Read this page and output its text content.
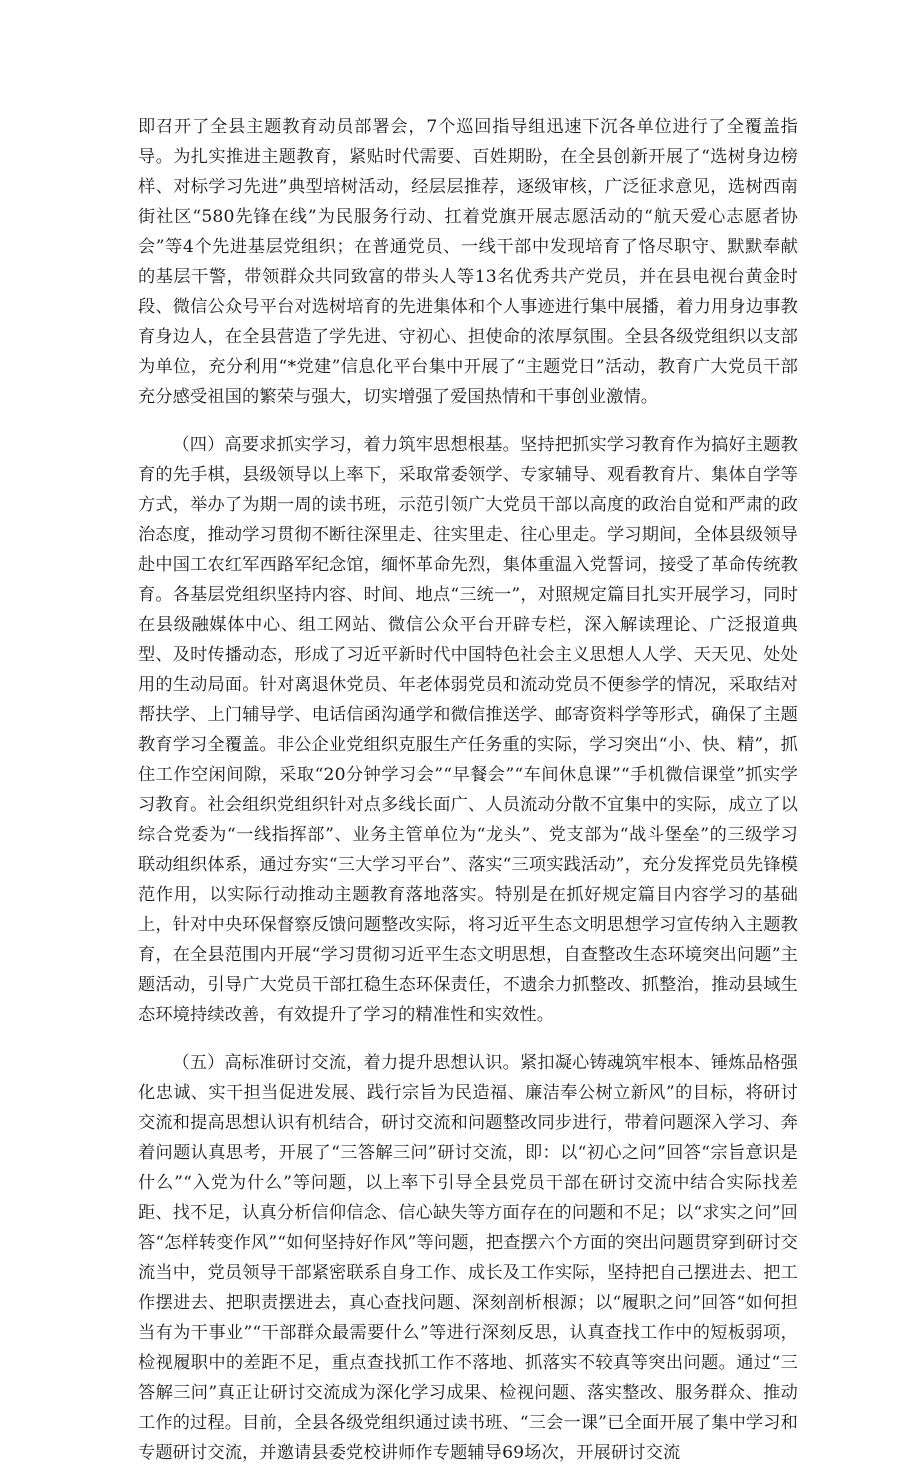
即召开了全县主题教育动员部署会，7个巡回指导组迅速下沉各单位进行了全覆盖指导。为扎实推进主题教育，紧贴时代需要、百姓期盼，在全县创新开展了“选树身边榜样、对标学习先进”典型培树活动，经层层推荐，逐级审核，广泛征求意见，选树西南街社区“580先锋在线”为民服务行动、扛着党旗开展志愿活动的“航天爱心志愿者协会”等4个先进基层党组织；在普通党员、一线干部中发现培育了恪尽职守、默默奉献的基层干警，带领群众共同致富的带头人等13名优秀共产党员，并在县电视台黄金时段、微信公众号平台对选树培育的先进集体和个人事迹进行集中展播，着力用身边事教育身边人，在全县营造了学先进、守初心、担使命的浓厚氛围。全县各级党组织以支部为单位，充分利用“*党建”信息化平台集中开展了“主题党日”活动，教育广大党员干部充分感受祖国的繁荣与强大，切实增强了爱国热情和干事创业激情。

（四）高要求抓实学习，着力筑牢思想根基。坚持把抓实学习教育作为搞好主题教育的先手棋，县级领导以上率下，采取常委领学、专家辅导、观看教育片、集体自学等方式，举办了为期一周的读书班，示范引领广大党员干部以高度的政治自觉和严肃的政治态度，推动学习贯彻不断往深里走、往实里走、往心里走。学习期间，全体县级领导赴中国工农红军西路军纪念馆，缅怀革命先烈，集体重温入党誓词，接受了革命传统教育。各基层党组织坚持内容、时间、地点“三统一”，对照规定篇目扎实开展学习，同时在县级融媒体中心、组工网站、微信公众平台开辟专栏，深入解读理论、广泛报道典型、及时传播动态，形成了习近平新时代中国特色社会主义思想人人学、天天见、处处用的生动局面。针对离退休党员、年老体弱党员和流动党员不便参学的情况，采取结对帮扶学、上门辅导学、电话信函沟通学和微信推送学、邮寄资料学等形式，确保了主题教育学习全覆盖。非公企业党组织克服生产任务重的实际，学习突出“小、快、精”，抓住工作空闲间隙，采取“20分钟学习会”“早餐会”“车间休息课”“手机微信课堂”抓实学习教育。社会组织党组织针对点多线长面广、人员流动分散不宜集中的实际，成立了以综合党委为“一线指挥部”、业务主管单位为“龙头”、党支部为“战斗堡垒”的三级学习联动组织体系，通过夯实“三大学习平台”、落实“三项实践活动”，充分发挥党员先锋模范作用，以实际行动推动主题教育落地落实。特别是在抓好规定篇目内容学习的基础上，针对中央环保督察反馈问题整改实际，将习近平生态文明思想学习宣传纳入主题教育，在全县范围内开展“学习贯彻习近平生态文明思想，自查整改生态环境突出问题”主题活动，引导广大党员干部扛稳生态环保责任，不遗余力抓整改、抓整治，推动县域生态环境持续改善，有效提升了学习的精准性和实效性。

（五）高标准研讨交流，着力提升思想认识。紧扣凝心铸魂筑牢根本、锤炼品格强化忠诚、实干担当促进发展、践行宗旨为民造福、廉洁奉公树立新风”的目标，将研讨交流和提高思想认识有机结合，研讨交流和问题整改同步进行，带着问题深入学习、奔着问题认真思考，开展了“三答解三问”研讨交流，即：以“初心之问”回答“宗旨意识是什么”“入党为什么”等问题，以上率下引导全县党员干部在研讨交流中结合实际找差距、找不足，认真分析信仰信念、信心缺失等方面存在的问题和不足；以“求实之问”回答“怎样转变作风”“如何坚持好作风”等问题，把查摆六个方面的突出问题贯穿到研讨交流当中，党员领导干部紧密联系自身工作、成长及工作实际，坚持把自己摆进去、把工作摆进去、把职责摆进去，真心查找问题、深刻剖析根源；以“履职之问”回答“如何担当有为干事业”“干部群众最需要什么”等进行深刻反思，认真查找工作中的短板弱项，检视履职中的差距不足，重点查找抓工作不落地、抓落实不较真等突出问题。通过“三答解三问”真正让研讨交流成为深化学习成果、检视问题、落实整改、服务群众、推动工作的过程。目前，全县各级党组织通过读书班、“三会一课”已全面开展了集中学习和专题研讨交流，并邀请县委党校讲师作专题辅导69场次，开展研讨交流
